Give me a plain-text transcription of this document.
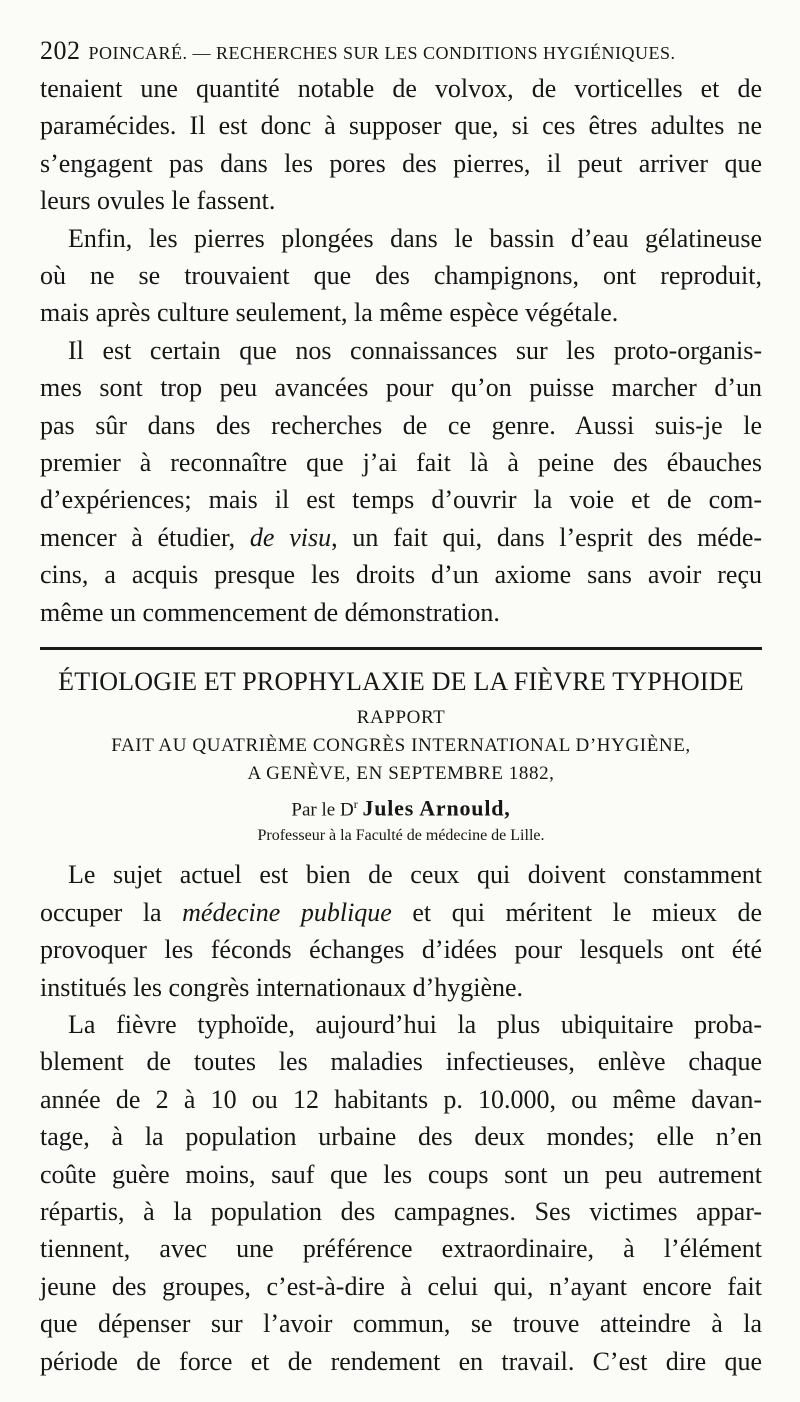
202 POINCARÉ. — RECHERCHES SUR LES CONDITIONS HYGIÉNIQUES.

tenaient une quantité notable de volvox, de vorticelles et de
paramécides. Il est donc à supposer que, si ces êtres adultes ne
s’engagent pas dans les pores des pierres, il peut arriver que
leurs ovules le fassent.

Enfin, les pierres plongées dans le bassin d’eau gélatineuse

où ne se trouvaient que des champignons, ont reproduit,
mais après culture seulement, la même espèce végétale.

Il est certain que nos connaissances sur les proto-organis-

mes sont trop peu avancées pour qu’on puisse marcher d’un
pas sûr dans des recherches de ce genre. Aussi suis-je le
premier à reconnaître que j’ai fait là à peine des ébauches
d’expériences; mais il est temps d’ouvrir la voie et de com-
mencer à étudier, de visu, un fait qui, dans l’esprit des méde-
cins, a acquis presque les droits d’un axiome sans avoir reçu
même un commencement de démonstration.

ÉTIOLOGIE ET PROPHYLAXIE DE LA FIÈVRE TYPHOIDE
RAPPORT
FAIT AU QUATRIÈME CONGRÈS INTERNATIONAL D’HYGIÈNE,
A GENÈVE, EN SEPTEMBRE 1882,
Par le $D^r$ Jules Arnould,
Professeur à la Faculté de médecine de Lille.

Le sujet actuel est bien de ceux qui doivent constamment

occuper la médecine publique et qui méritent le mieux de
provoquer les féconds échanges d’idées pour lesquels ont été
institués les congrès internationaux d’hygiène.

La fièvre typhoïde, aujourd’hui la plus ubiquitaire proba-

blement de toutes les maladies infectieuses, enlève chaque
année de 2 à 10 ou 12 habitants p. 10.000, ou même davan-
tage, à la population urbaine des deux mondes; elle n’en
coûte guère moins, sauf que les coups sont un peu autrement
répartis, à la population des campagnes. Ses victimes appar-
tiennent, avec une préférence extraordinaire, à l’élément
jeune des groupes, c’est-à-dire à celui qui, n’ayant encore fait
que dépenser sur l’avoir commun, se trouve atteindre à la
période de force et de rendement en travail. C’est dire que
